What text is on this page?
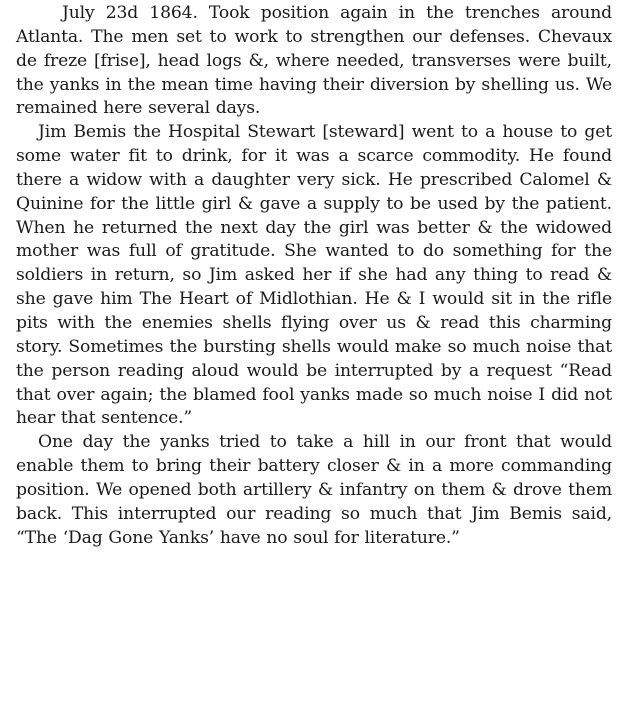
July 23d 1864. Took position again in the trenches around Atlanta. The men set to work to strengthen our defenses. Chevaux de freze [frise], head logs &, where needed, transverses were built, the yanks in the mean time having their diversion by shelling us. We remained here several days.

Jim Bemis the Hospital Stewart [steward] went to a house to get some water fit to drink, for it was a scarce commodity. He found there a widow with a daughter very sick. He prescribed Calomel & Quinine for the little girl & gave a supply to be used by the patient. When he returned the next day the girl was better & the widowed mother was full of gratitude. She wanted to do something for the soldiers in return, so Jim asked her if she had any thing to read & she gave him The Heart of Midlothian. He & I would sit in the rifle pits with the enemies shells flying over us & read this charming story. Sometimes the bursting shells would make so much noise that the person reading aloud would be interrupted by a request “Read that over again; the blamed fool yanks made so much noise I did not hear that sentence.”

One day the yanks tried to take a hill in our front that would enable them to bring their battery closer & in a more commanding position. We opened both artillery & infantry on them & drove them back. This interrupted our reading so much that Jim Bemis said, “The ‘Dag Gone Yanks’ have no soul for literature.”
